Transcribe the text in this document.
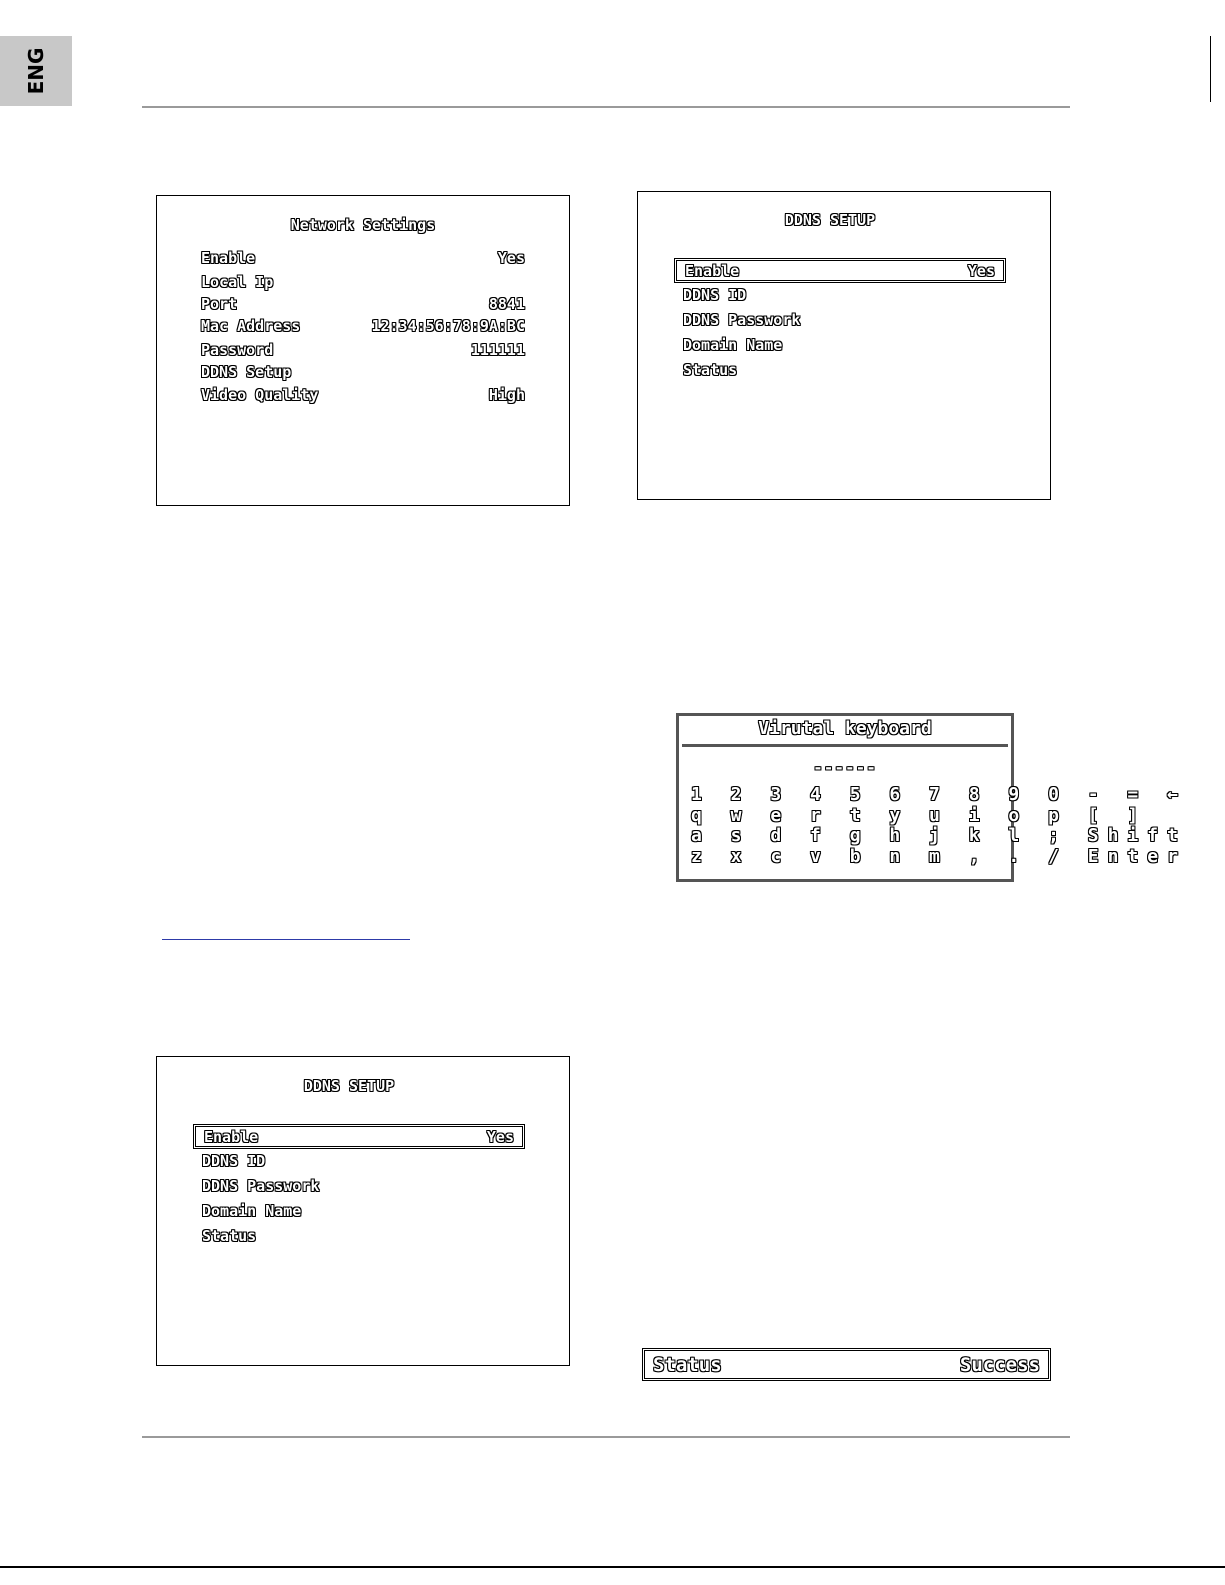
ENG
Network Settings
Enable	Yes
Local Ip
Port	8841
Mac Address	12:34:56:78:9A:BC
Password	111111
DDNS Setup
Video Quality	High
DDNS SETUP
Enable	Yes
DDNS ID
DDNS Passwork
Domain Name
Status
Virutal keyboard
------
1 2 3 4 5 6 7 8 9 0 - = ←
q w e r t y u i o p [ ]
a s d f g h j k l ; Shift
z x c v b n m , . / Enter
DDNS SETUP
Enable	Yes
DDNS ID
DDNS Passwork
Domain Name
Status
Status	Success
